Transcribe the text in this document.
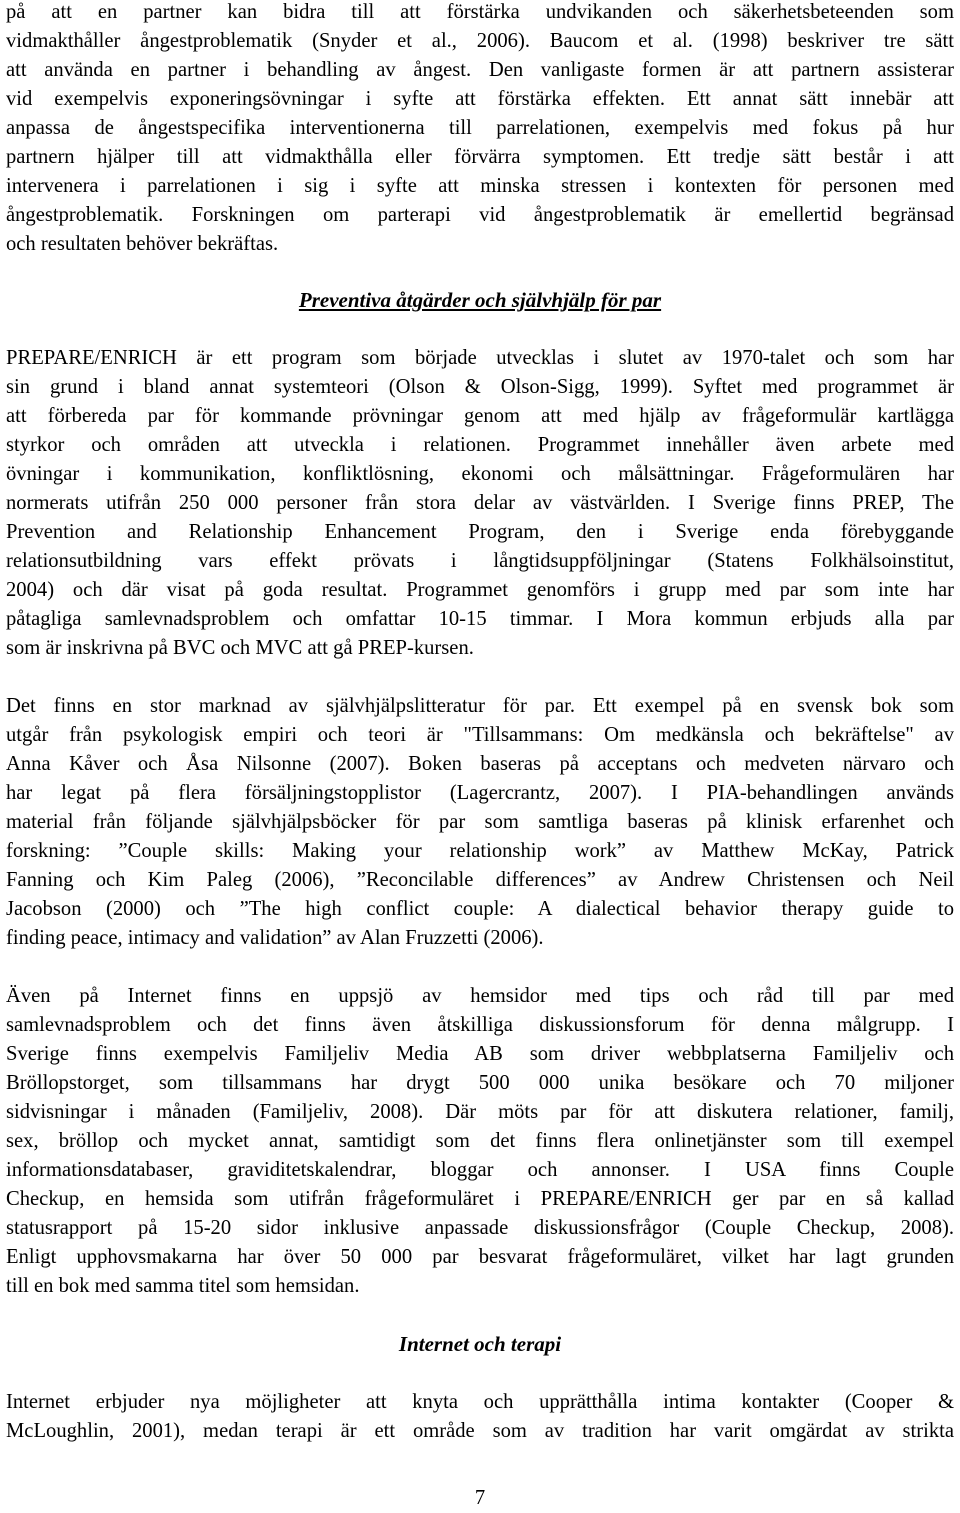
på att en partner kan bidra till att förstärka undvikanden och säkerhetsbeteenden som
vidmakthåller ångestproblematik (Snyder et al., 2006). Baucom et al. (1998) beskriver tre sätt
att använda en partner i behandling av ångest. Den vanligaste formen är att partnern assisterar
vid exempelvis exponeringsövningar i syfte att förstärka effekten. Ett annat sätt innebär att
anpassa de ångestspecifika interventionerna till parrelationen, exempelvis med fokus på hur
partnern hjälper till att vidmakthålla eller förvärra symptomen. Ett tredje sätt består i att
intervenera i parrelationen i sig i syfte att minska stressen i kontexten för personen med
ångestproblematik. Forskningen om parterapi vid ångestproblematik är emellertid begränsad
och resultaten behöver bekräftas.
Preventiva åtgärder och självhjälp för par
PREPARE/ENRICH är ett program som började utvecklas i slutet av 1970-talet och som har
sin grund i bland annat systemteori (Olson & Olson-Sigg, 1999). Syftet med programmet är
att förbereda par för kommande prövningar genom att med hjälp av frågeformulär kartlägga
styrkor och områden att utveckla i relationen. Programmet innehåller även arbete med
övningar i kommunikation, konfliktlösning, ekonomi och målsättningar. Frågeformulären har
normerats utifrån 250 000 personer från stora delar av västvärlden. I Sverige finns PREP, The
Prevention and Relationship Enhancement Program, den i Sverige enda förebyggande
relationsutbildning vars effekt prövats i långtidsuppföljningar (Statens Folkhälsoinstitut,
2004) och där visat på goda resultat. Programmet genomförs i grupp med par som inte har
påtagliga samlevnadsproblem och omfattar 10-15 timmar. I Mora kommun erbjuds alla par
som är inskrivna på BVC och MVC att gå PREP-kursen.
Det finns en stor marknad av självhjälpslitteratur för par. Ett exempel på en svensk bok som
utgår från psykologisk empiri och teori är "Tillsammans: Om medkänsla och bekräftelse" av
Anna Kåver och Åsa Nilsonne (2007). Boken baseras på acceptans och medveten närvaro och
har legat på flera försäljningstopplistor (Lagercrantz, 2007). I PIA-behandlingen används
material från följande självhjälpsböcker för par som samtliga baseras på klinisk erfarenhet och
forskning: ”Couple skills: Making your relationship work” av Matthew McKay, Patrick
Fanning och Kim Paleg (2006), ”Reconcilable differences” av Andrew Christensen och Neil
Jacobson (2000) och ”The high conflict couple: A dialectical behavior therapy guide to
finding peace, intimacy and validation” av Alan Fruzzetti (2006).
Även på Internet finns en uppsjö av hemsidor med tips och råd till par med
samlevnadsproblem och det finns även åtskilliga diskussionsforum för denna målgrupp. I
Sverige finns exempelvis Familjeliv Media AB som driver webbplatserna Familjeliv och
Bröllopstorget, som tillsammans har drygt 500 000 unika besökare och 70 miljoner
sidvisningar i månaden (Familjeliv, 2008). Där möts par för att diskutera relationer, familj,
sex, bröllop och mycket annat, samtidigt som det finns flera onlinetjänster som till exempel
informationsdatabaser, graviditetskalendrar, bloggar och annonser. I USA finns Couple
Checkup, en hemsida som utifrån frågeformuläret i PREPARE/ENRICH ger par en så kallad
statusrapport på 15-20 sidor inklusive anpassade diskussionsfrågor (Couple Checkup, 2008).
Enligt upphovsmakarna har över 50 000 par besvarat frågeformuläret, vilket har lagt grunden
till en bok med samma titel som hemsidan.
Internet och terapi
Internet erbjuder nya möjligheter att knyta och upprätthålla intima kontakter (Cooper &
McLoughlin, 2001), medan terapi är ett område som av tradition har varit omgärdat av strikta
7
